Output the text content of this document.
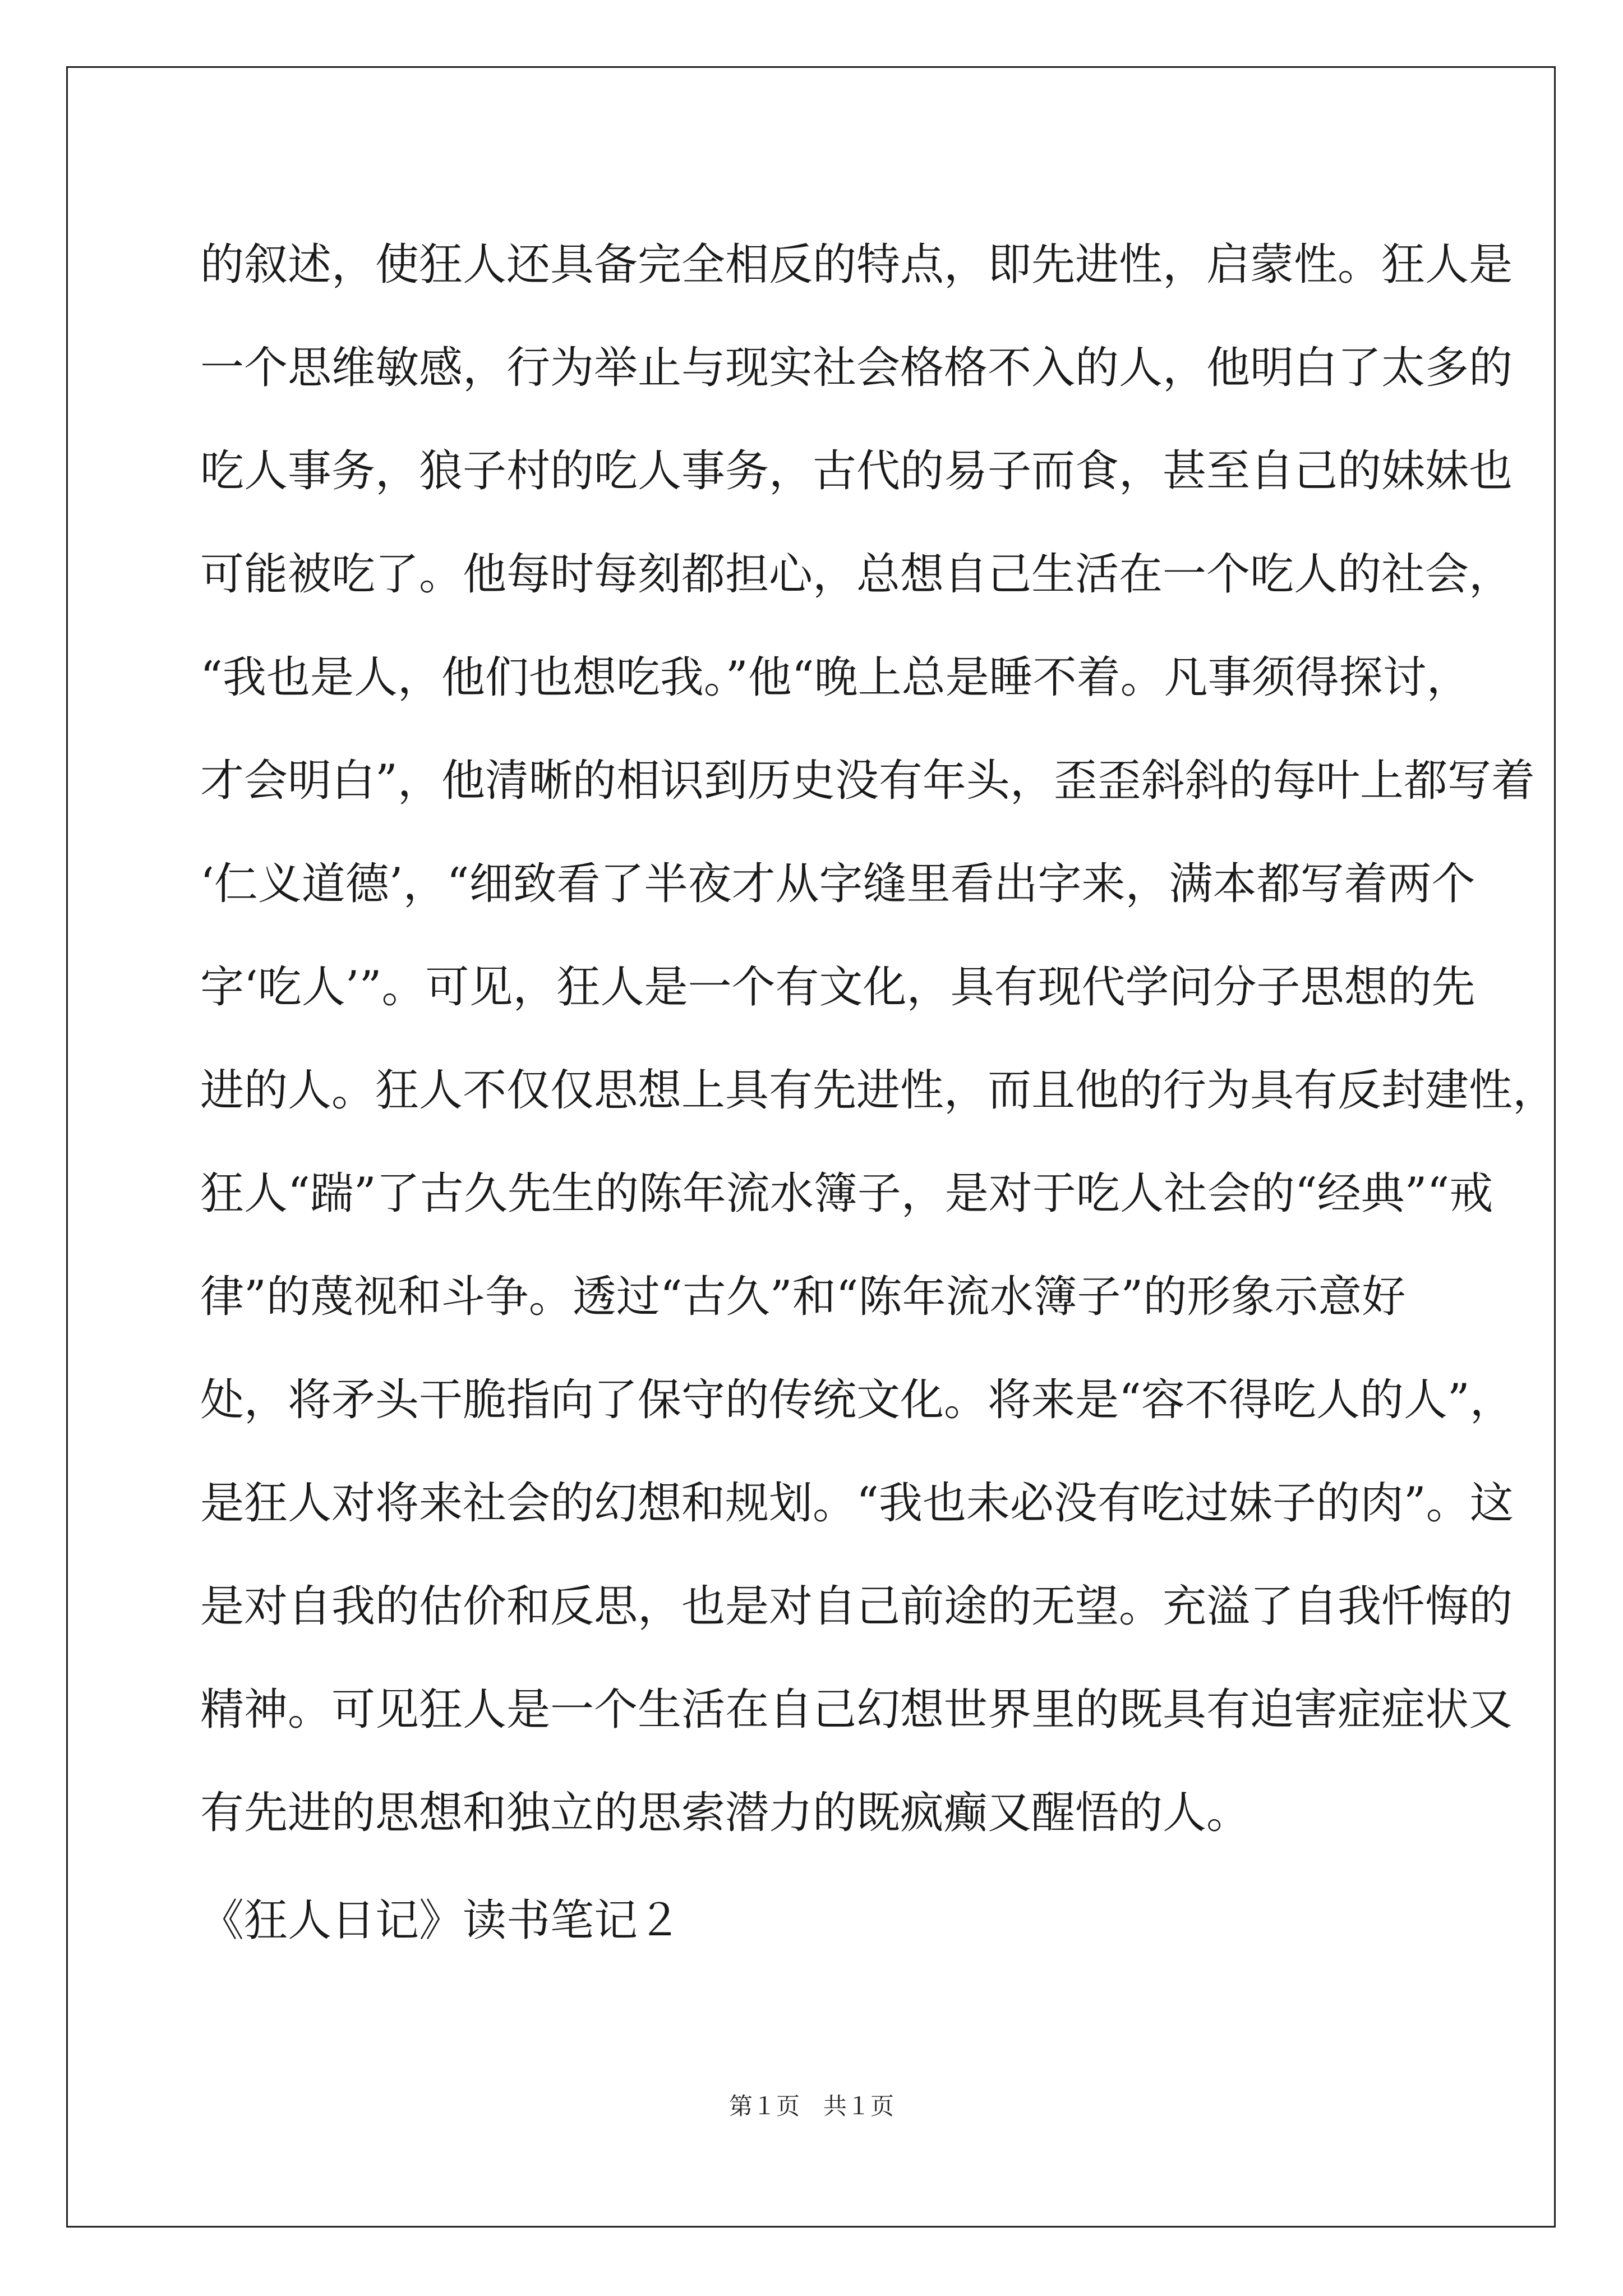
的叙述，使狂人还具备完全相反的特点，即先进性，启蒙性。狂人是
一个思维敏感，行为举止与现实社会格格不入的人，他明白了太多的
吃人事务，狼子村的吃人事务，古代的易子而食，甚至自己的妹妹也
可能被吃了。他每时每刻都担心，总想自己生活在一个吃人的社会，
“我也是人，他们也想吃我。”他“晚上总是睡不着。凡事须得探讨，
才会明白”，他清晰的相识到历史没有年头，歪歪斜斜的每叶上都写着
‘仁义道德’，“细致看了半夜才从字缝里看出字来，满本都写着两个
字‘吃人’”。可见，狂人是一个有文化，具有现代学问分子思想的先
进的人。狂人不仅仅思想上具有先进性，而且他的行为具有反封建性，
狂人“踹”了古久先生的陈年流水簿子，是对于吃人社会的“经典”“戒
律”的蔑视和斗争。透过“古久”和“陈年流水簿子”的形象示意好
处，将矛头干脆指向了保守的传统文化。将来是“容不得吃人的人”，
是狂人对将来社会的幻想和规划。“我也未必没有吃过妹子的肉”。这
是对自我的估价和反思，也是对自己前途的无望。充溢了自我忏悔的
精神。可见狂人是一个生活在自己幻想世界里的既具有迫害症症状又
有先进的思想和独立的思索潜力的既疯癫又醒悟的人。
《狂人日记》读书笔记２
第１页　共１页
